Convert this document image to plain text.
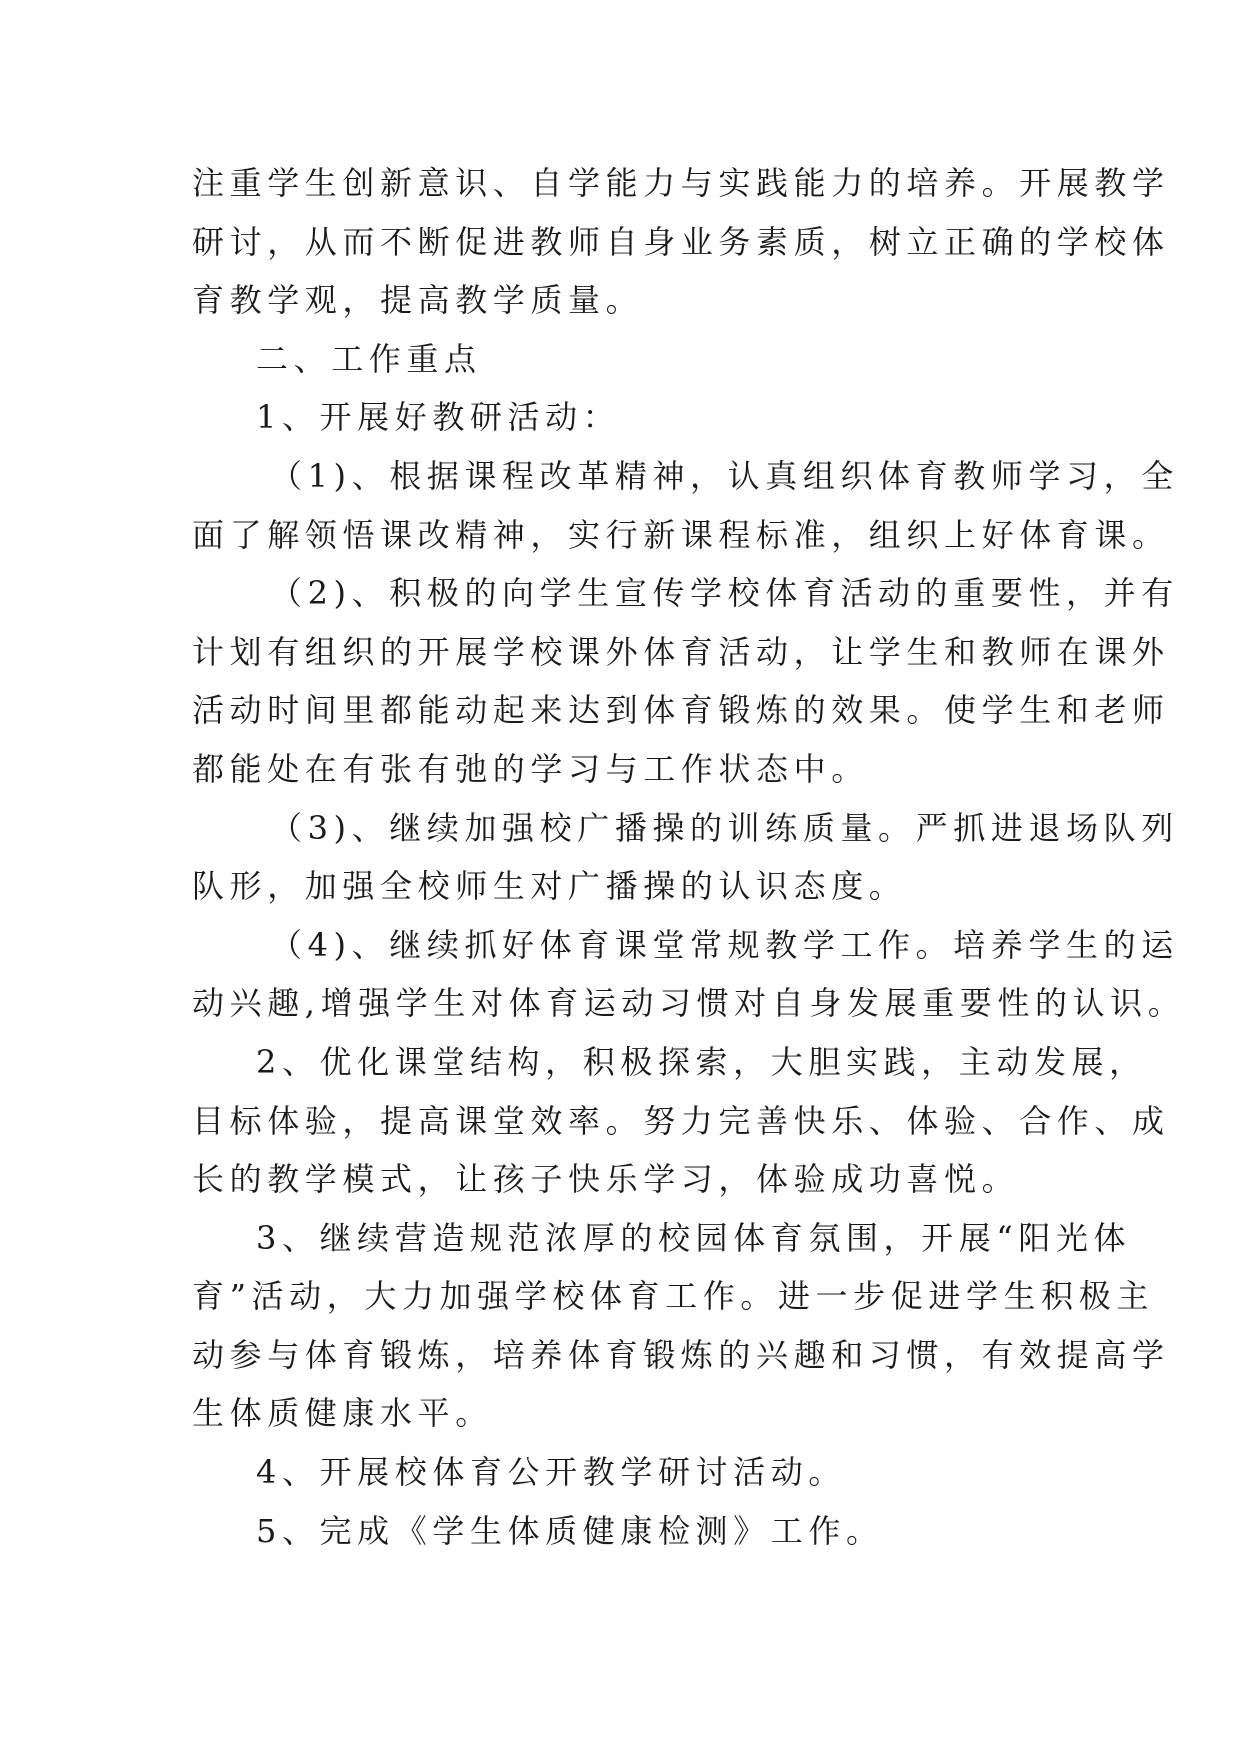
注重学生创新意识、自学能力与实践能力的培养。开展教学
研讨，从而不断促进教师自身业务素质，树立正确的学校体
育教学观，提高教学质量。
二、工作重点
1、开展好教研活动：
（1)、根据课程改革精神，认真组织体育教师学习，全
面了解领悟课改精神，实行新课程标准，组织上好体育课。
（2)、积极的向学生宣传学校体育活动的重要性，并有
计划有组织的开展学校课外体育活动，让学生和教师在课外
活动时间里都能动起来达到体育锻炼的效果。使学生和老师
都能处在有张有弛的学习与工作状态中。
（3)、继续加强校广播操的训练质量。严抓进退场队列
队形，加强全校师生对广播操的认识态度。
（4)、继续抓好体育课堂常规教学工作。培养学生的运
动兴趣,增强学生对体育运动习惯对自身发展重要性的认识。
2、优化课堂结构，积极探索，大胆实践，主动发展，
目标体验，提高课堂效率。努力完善快乐、体验、合作、成
长的教学模式，让孩子快乐学习，体验成功喜悦。
3、继续营造规范浓厚的校园体育氛围，开展“阳光体
育”活动，大力加强学校体育工作。进一步促进学生积极主
动参与体育锻炼，培养体育锻炼的兴趣和习惯，有效提高学
生体质健康水平。
4、开展校体育公开教学研讨活动。
5、完成《学生体质健康检测》工作。
